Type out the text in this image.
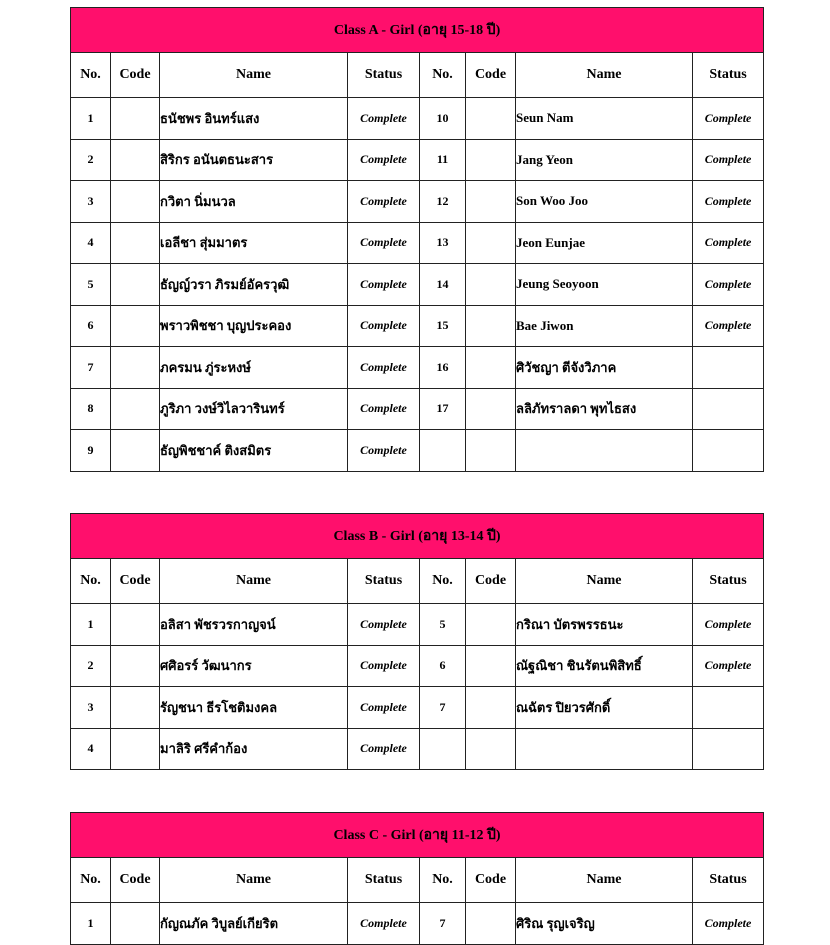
Class A - Girl (อายุ 15-18 ปี)							
No.	Code	Name	Status	No.	Code	Name	Status
1		ธนัชพร อินทร์แสง	Complete	10		Seun Nam	Complete
2		สิริกร อนันตธนะสาร	Complete	11		Jang Yeon	Complete
3		กวิตา นิ่มนวล	Complete	12		Son Woo Joo	Complete
4		เอลีชา สุ่มมาตร	Complete	13		Jeon Eunjae	Complete
5		ธัญญ์วรา ภิรมย์อัครวุฒิ	Complete	14		Jeung Seoyoon	Complete
6		พราวพิชชา บุญประคอง	Complete	15		Bae Jiwon	Complete
7		ภครมน ภู่ระหงษ์	Complete	16		ศิวัชญา ตีจังวิภาค	
8		ภูริภา วงษ์วิไลวารินทร์	Complete	17		ลลิภัทราลดา พุทไธสง	
9		ธัญพิชชาค์ ติงสมิตร	Complete				
Class B - Girl (อายุ 13-14 ปี)							
No.	Code	Name	Status	No.	Code	Name	Status
1		อลิสา พัชรวรกาญจน์	Complete	5		กริณา บัตรพรรธนะ	Complete
2		ศศิอรร์ วัฒนากร	Complete	6		ณัฐณิชา ชินรัตนพิสิทธิ์	Complete
3		รัญชนา ธีรโชติมงคล	Complete	7		ณฉัตร ปิยวรศักดิ์	
4		มาลิริ ศรีคำก้อง	Complete				
Class C - Girl (อายุ 11-12 ปี)							
No.	Code	Name	Status	No.	Code	Name	Status
1		กัญณภัค วิบูลย์เกียริต	Complete	7		ศิริณ รุญเจริญ	Complete
